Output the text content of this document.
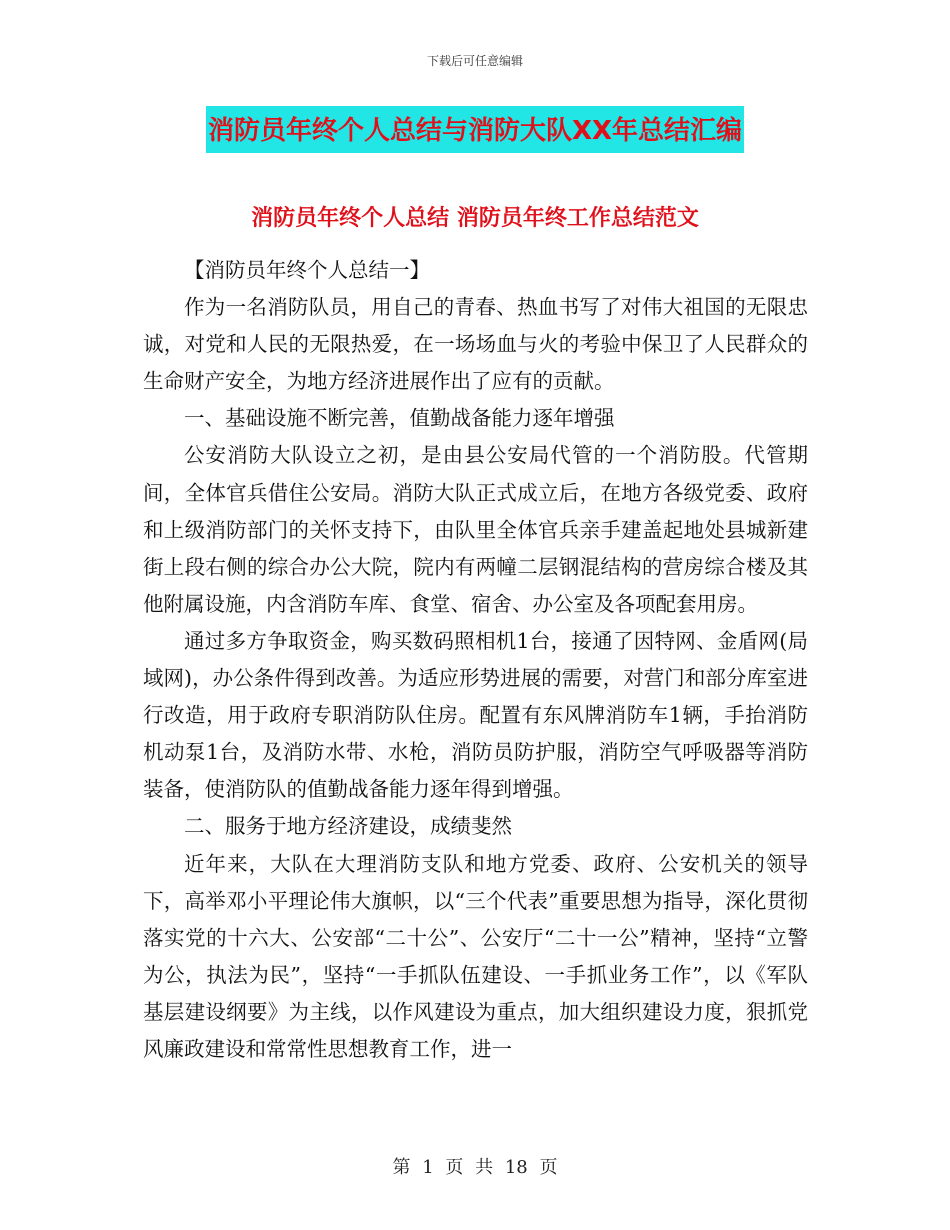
下载后可任意编辑
消防员年终个人总结与消防大队XX年总结汇编
消防员年终个人总结 消防员年终工作总结范文

【消防员年终个人总结一】

作为一名消防队员，用自己的青春、热血书写了对伟大祖国的无限忠诚，对党和人民的无限热爱，在一场场血与火的考验中保卫了人民群众的生命财产安全，为地方经济进展作出了应有的贡献。

一、基础设施不断完善，值勤战备能力逐年增强

公安消防大队设立之初，是由县公安局代管的一个消防股。代管期间，全体官兵借住公安局。消防大队正式成立后，在地方各级党委、政府和上级消防部门的关怀支持下，由队里全体官兵亲手建盖起地处县城新建街上段右侧的综合办公大院，院内有两幢二层钢混结构的营房综合楼及其他附属设施，内含消防车库、食堂、宿舍、办公室及各项配套用房。

通过多方争取资金，购买数码照相机1台，接通了因特网、金盾网(局域网)，办公条件得到改善。为适应形势进展的需要，对营门和部分库室进行改造，用于政府专职消防队住房。配置有东风牌消防车1辆，手抬消防机动泵1台，及消防水带、水枪，消防员防护服，消防空气呼吸器等消防装备，使消防队的值勤战备能力逐年得到增强。

二、服务于地方经济建设，成绩斐然

近年来，大队在大理消防支队和地方党委、政府、公安机关的领导下，高举邓小平理论伟大旗帜，以“三个代表”重要思想为指导，深化贯彻落实党的十六大、公安部“二十公”、公安厅“二十一公”精神，坚持“立警为公，执法为民”，坚持“一手抓队伍建设、一手抓业务工作”，以《军队基层建设纲要》为主线，以作风建设为重点，加大组织建设力度，狠抓党风廉政建设和常常性思想教育工作，进一

第 1 页 共 18 页
